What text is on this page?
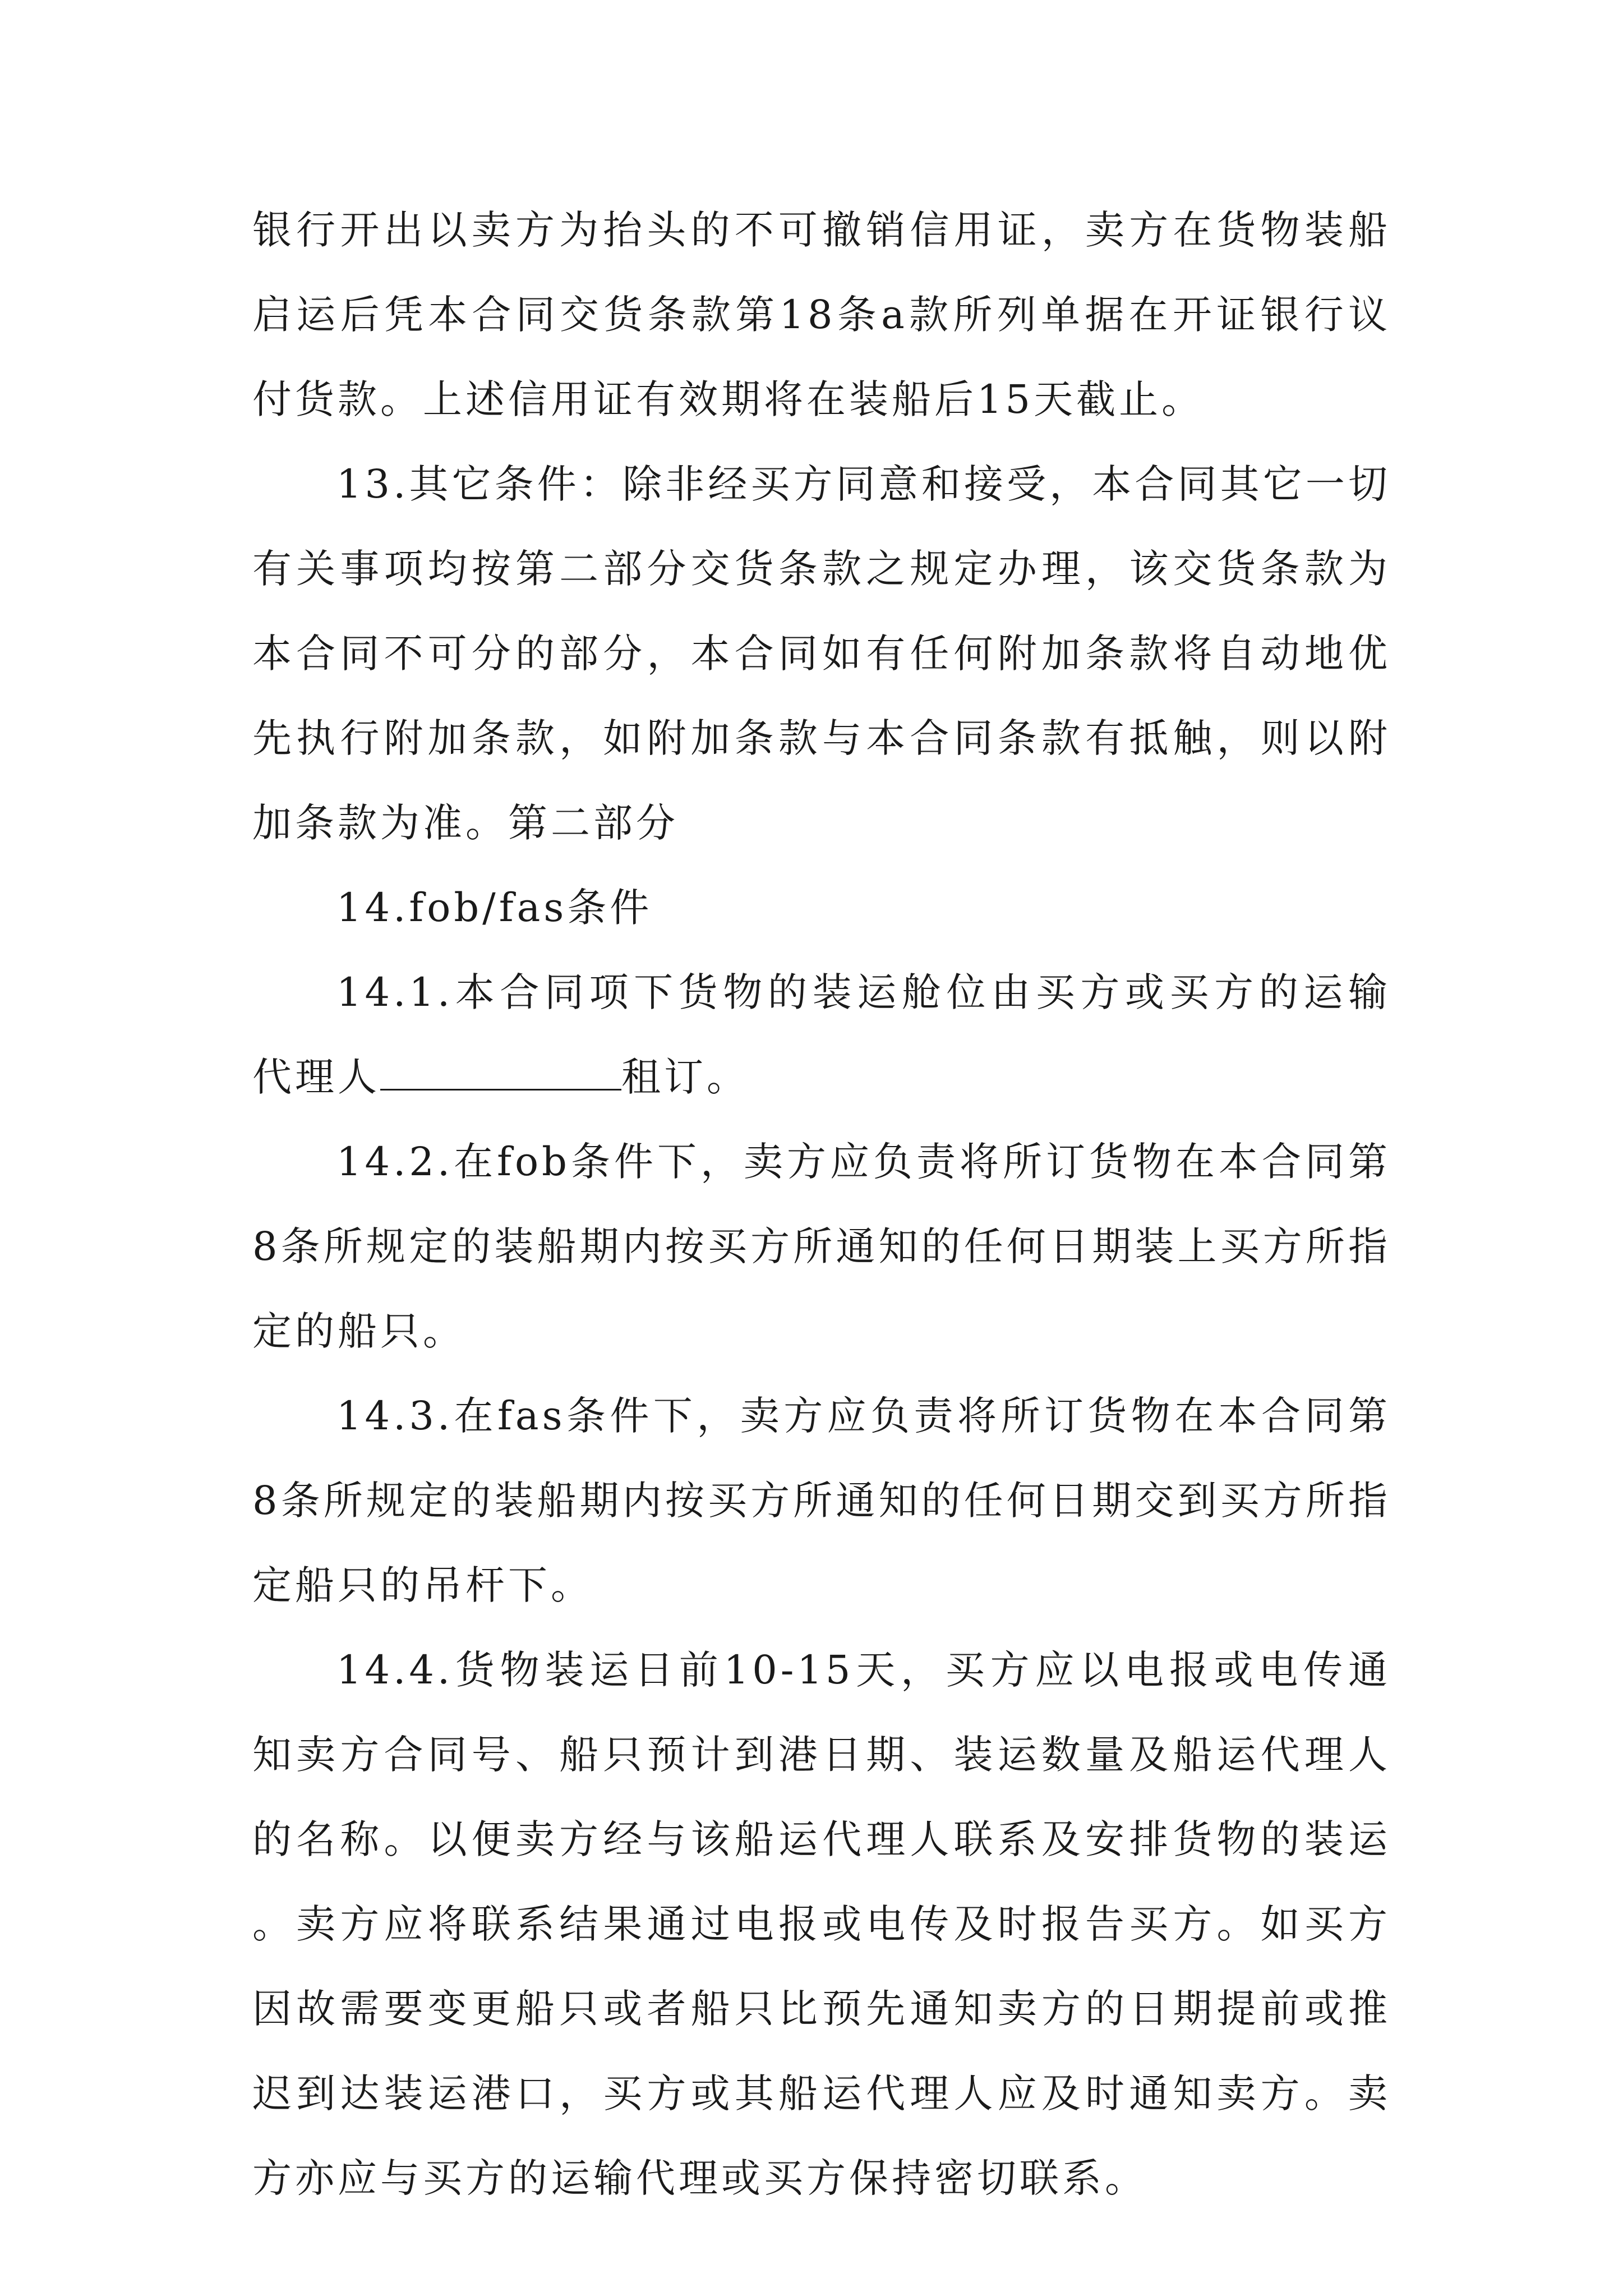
银行开出以卖方为抬头的不可撤销信用证，卖方在货物装船启运后凭本合同交货条款第18条a款所列单据在开证银行议付货款。上述信用证有效期将在装船后15天截止。

13.其它条件：除非经买方同意和接受，本合同其它一切有关事项均按第二部分交货条款之规定办理，该交货条款为本合同不可分的部分，本合同如有任何附加条款将自动地优先执行附加条款，如附加条款与本合同条款有抵触，则以附加条款为准。第二部分

14.fob/fas条件

14.1.本合同项下货物的装运舱位由买方或买方的运输代理人	租订。

14.2.在fob条件下，卖方应负责将所订货物在本合同第8条所规定的装船期内按买方所通知的任何日期装上买方所指定的船只。

14.3.在fas条件下，卖方应负责将所订货物在本合同第8条所规定的装船期内按买方所通知的任何日期交到买方所指定船只的吊杆下。

14.4.货物装运日前10-15天，买方应以电报或电传通知卖方合同号、船只预计到港日期、装运数量及船运代理人的名称。以便卖方经与该船运代理人联系及安排货物的装运。卖方应将联系结果通过电报或电传及时报告买方。如买方因故需要变更船只或者船只比预先通知卖方的日期提前或推迟到达装运港口，买方或其船运代理人应及时通知卖方。卖方亦应与买方的运输代理或买方保持密切联系。
